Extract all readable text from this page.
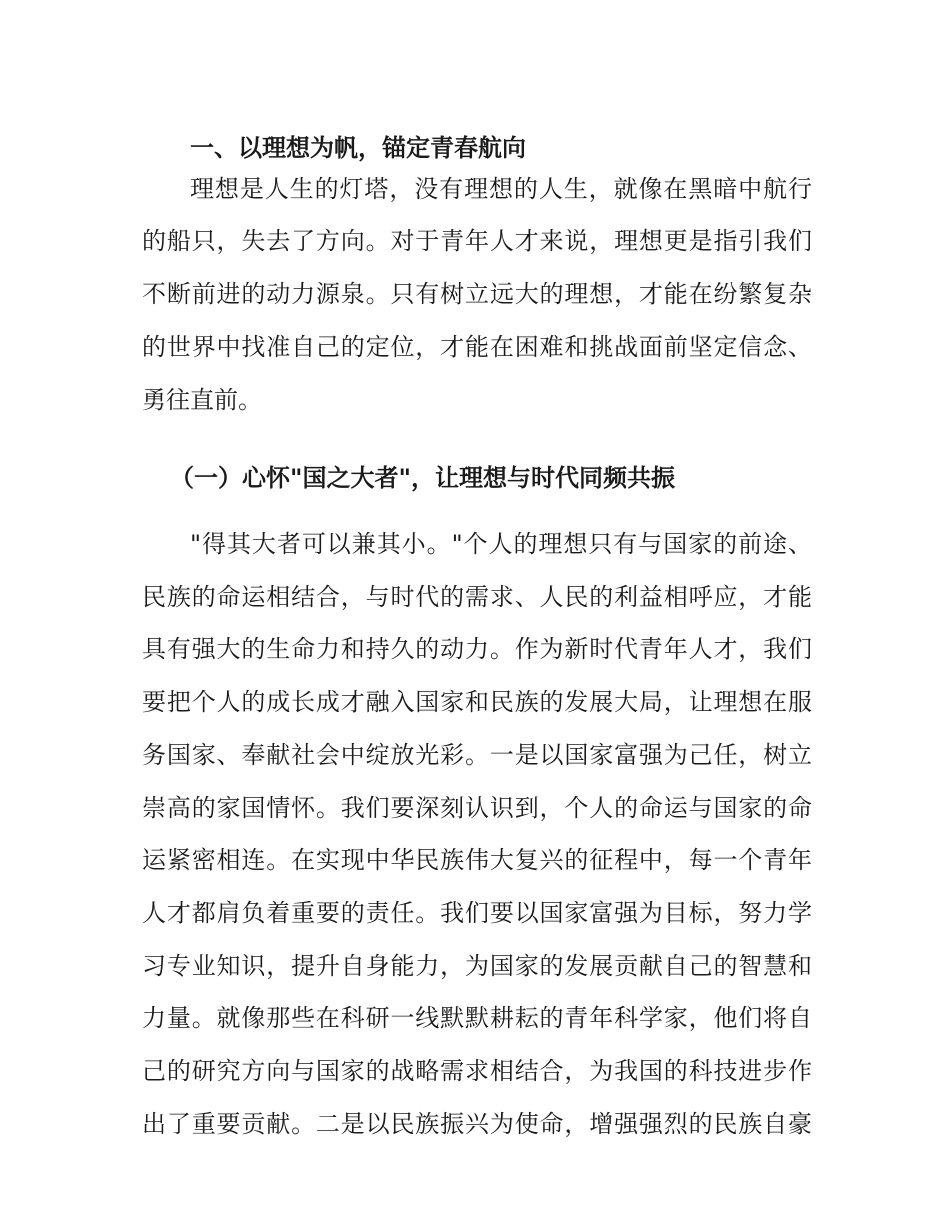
一、以理想为帆，锚定青春航向
理想是人生的灯塔，没有理想的人生，就像在黑暗中航行
的船只，失去了方向。对于青年人才来说，理想更是指引我们
不断前进的动力源泉。只有树立远大的理想，才能在纷繁复杂
的世界中找准自己的定位，才能在困难和挑战面前坚定信念、
勇往直前。
（一）心怀"国之大者"，让理想与时代同频共振
"得其大者可以兼其小。"个人的理想只有与国家的前途、
民族的命运相结合，与时代的需求、人民的利益相呼应，才能
具有强大的生命力和持久的动力。作为新时代青年人才，我们
要把个人的成长成才融入国家和民族的发展大局，让理想在服
务国家、奉献社会中绽放光彩。一是以国家富强为己任，树立
崇高的家国情怀。我们要深刻认识到，个人的命运与国家的命
运紧密相连。在实现中华民族伟大复兴的征程中，每一个青年
人才都肩负着重要的责任。我们要以国家富强为目标，努力学
习专业知识，提升自身能力，为国家的发展贡献自己的智慧和
力量。就像那些在科研一线默默耕耘的青年科学家，他们将自
己的研究方向与国家的战略需求相结合，为我国的科技进步作
出了重要贡献。二是以民族振兴为使命，增强强烈的民族自豪
